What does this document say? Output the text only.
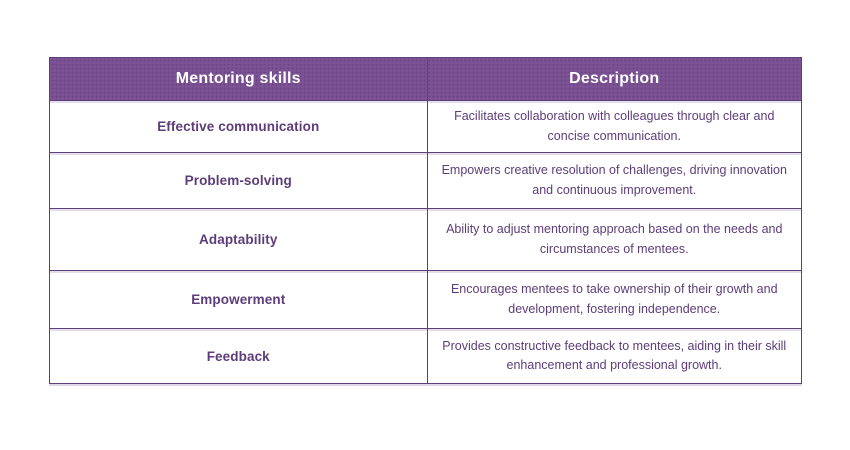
Mentoring skills	Description
Effective communication	Facilitates collaboration with colleagues through clear and concise communication.
Problem-solving	Empowers creative resolution of challenges, driving innovation and continuous improvement.
Adaptability	Ability to adjust mentoring approach based on the needs and circumstances of mentees.
Empowerment	Encourages mentees to take ownership of their growth and development, fostering independence.
Feedback	Provides constructive feedback to mentees, aiding in their skill enhancement and professional growth.
